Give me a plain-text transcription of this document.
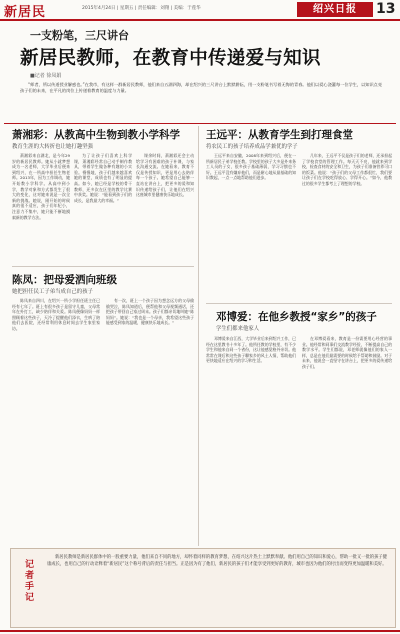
新居民	2015年4月24日 | 星期五 | 责任编辑：刘翔 | 美编：于莲华	绍兴日报	13
一支粉笔，三尺讲台
新居民教师，在教育中传递爱与知识
■记者 徐凤娟
“师者，所以传道授业解惑也。”在我市，有这样一群新居民教师，他们来自五湖四海，却在绍兴的三尺讲台上默默耕耘，用一支粉笔书写着无悔的青春。他们以爱心浇灌每一位学生，以知识点亮孩子们的未来，在平凡的岗位上传递着教育的温度与力量。
萧湘彩：从教高中生物到教小学科学
教育生涯的大转折也让她打趣坚强

萧湘彩来自湖北，是今年29岁的新居民教师。她从小就梦想成为一名老师，大学毕业后便来到绍兴，在一所高中担任生物老师。2013年，因为工作调动，她开始教小学科学。从高中到小学，教学对象和方式都发生了很大的变化，这对她来说是一次全新的挑战。她说，刚开始的时候真的很不适应，孩子们年纪小，注意力不集中，她只能不断地摸索新的教学方法。

为了让孩子们喜欢上科学课，萧湘彩经常自己动手制作教具，带着学生做各种有趣的小实验。慢慢地，孩子们越来越喜欢她的课堂，成绩也有了明显的提高。如今，她已经是学校的骨干教师，还多次在区里的教学比赛中获奖。她说：“能看到孩子们的成长，是我最大的幸福。”

课余时间，萧湘彩还会主动给学习有困难的孩子补课，与家长沟通交流。在她看来，教育不仅是传授知识，更是用心去陪伴每一个孩子。她希望自己能够一直站在讲台上，把更多的爱和知识传递给孩子们，让他们在绍兴这座城市里健康快乐地成长。

王远平：从教育学生到打理食堂
将农民工的孩子培养成品学兼优的学子

王远平来自安徽，2008年来到绍兴后，便在一所新居民子弟学校任教。学校里的孩子大多是外来务工人员的子女，很多孩子基础薄弱，学习习惯也不好。王远平没有嫌弃他们，而是耐心地从最基础的知识教起，一点一点地帮助他们进步。

几年来，王远平不仅是孩子们的老师，还承担起了学校食堂的管理工作。每天天不亮，他就来到学校，检查食材的安全和卫生，为孩子们准备营养可口的饭菜。他说：“孩子们的父母工作都很忙，我们要让孩子们在学校吃得放心、学得开心。”如今，他教过的很多学生都考上了理想的学校。

陈凤：把母爱洒向班级
她把担任民工子弟当成自己的孩子

陈凤来自四川，在绍兴一所小学担任班主任已经有七年了。班上有很多孩子是留守儿童，父母常年在外打工，缺少陪伴和关爱。陈凤便像妈妈一样照顾着这些孩子，天冷了提醒他们添衣，生病了陪他们去医院，还经常利用休息时间去学生家里家访。

有一次，班上一个孩子因为想念远方的父母偷偷哭泣，陈凤知道后，便帮他和父母视频通话，还把孩子带回自己家过周末。孩子们都亲切地叫她“陈妈妈”。她说：“我也是一个母亲，我希望这些孩子能感受到家的温暖，健康快乐地成长。”	邓博爱：在他乡教授“家乡”的孩子
学生们都来他家人

邓博爱来自江西，大学毕业后来到绍兴工作，已经在这里教书十多年了。他所任教的学校里，有不少学生和他来自同一个省份，这让他感觉格外亲切。他常常在课后和这些孩子聊家乡的风土人情，帮助他们更快地适应在绍兴的学习和生活。

在邓博爱看来，教育是一份需要用心经营的事业。他经常和同事们交流教学经验，不断提高自己的教学水平。学生们都说，邓老师就像他们的家人一样，总是在他们最需要的时候给予帮助和鼓励。对于未来，他说会一直坚守在讲台上，把更多的爱传递给孩子们。

记者手记
新居民教师是新居民群体中的一股重要力量，他们来自不同的地方，却怀着同样的教育梦想，在绍兴这片热土上默默奉献。他们用自己的知识和爱心，帮助一批又一批的孩子健康成长，也用自己的行动诠释着“新居民”这个称号背后的责任与担当。正是因为有了他们，新居民的孩子们才能享受到更好的教育，城市也因为他们的付出而变得更加温暖和美好。
